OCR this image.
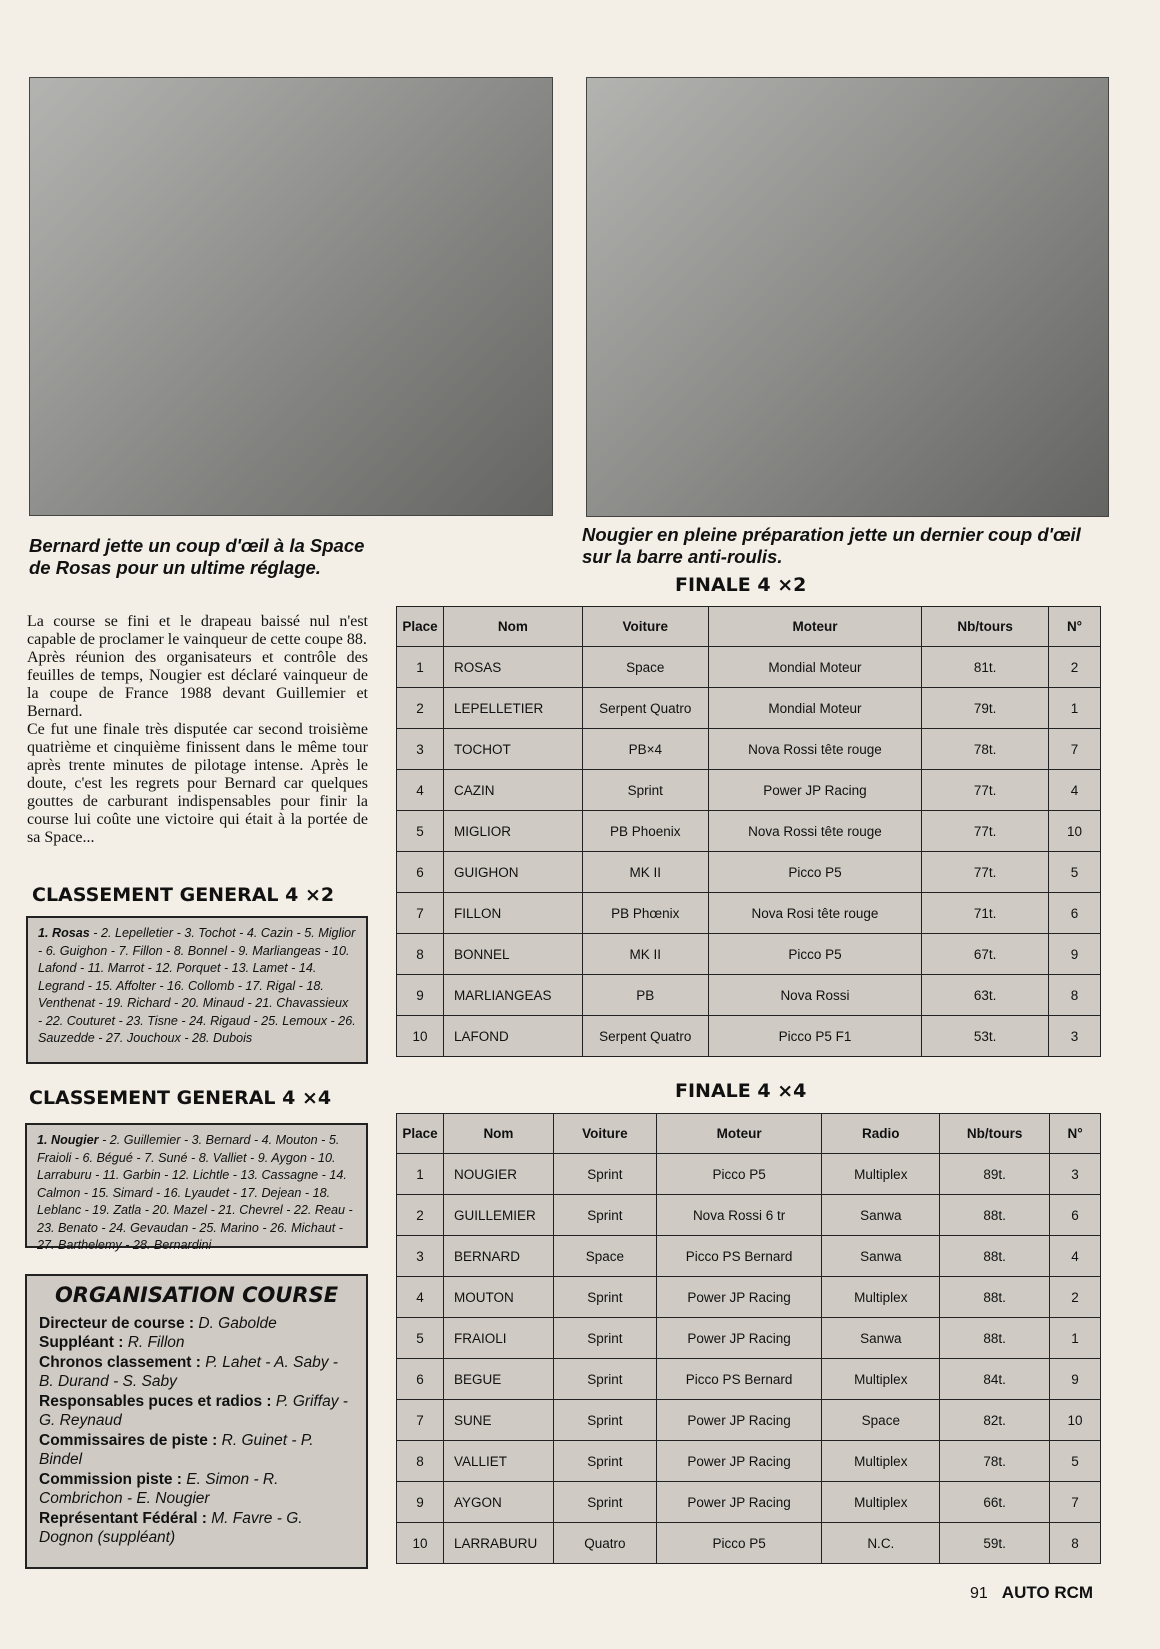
Bernard jette un coup d'œil à la Space de Rosas pour un ultime réglage.
Nougier en pleine préparation jette un dernier coup d'œil sur la barre anti-roulis.

La course se fini et le drapeau baissé nul n'est capable de proclamer le vainqueur de cette coupe 88.

Après réunion des organisateurs et contrôle des feuilles de temps, Nougier est déclaré vainqueur de la coupe de France 1988 devant Guillemier et Bernard.

Ce fut une finale très disputée car second troisième quatrième et cinquième finissent dans le même tour après trente minutes de pilotage intense. Après le doute, c'est les regrets pour Bernard car quelques gouttes de carburant indispensables pour finir la course lui coûte une victoire qui était à la portée de sa Space...

CLASSEMENT GENERAL 4 ×2
1. Rosas - 2. Lepelletier - 3. Tochot - 4. Cazin - 5. Miglior - 6. Guighon - 7. Fillon - 8. Bonnel - 9. Marliangeas - 10. Lafond - 11. Marrot - 12. Porquet - 13. Lamet - 14. Legrand - 15. Affolter - 16. Collomb - 17. Rigal - 18. Venthenat - 19. Richard - 20. Minaud - 21. Chavassieux - 22. Couturet - 23. Tisne - 24. Rigaud - 25. Lemoux - 26. Sauzedde - 27. Jouchoux - 28. Dubois
CLASSEMENT GENERAL 4 ×4
1. Nougier - 2. Guillemier - 3. Bernard - 4. Mouton - 5. Fraioli - 6. Bégué - 7. Suné - 8. Valliet - 9. Aygon - 10. Larraburu - 11. Garbin - 12. Lichtle - 13. Cassagne - 14. Calmon - 15. Simard - 16. Lyaudet - 17. Dejean - 18. Leblanc - 19. Zatla - 20. Mazel - 21. Chevrel - 22. Reau - 23. Benato - 24. Gevaudan - 25. Marino - 26. Michaut - 27. Barthelemy - 28. Bernardini
ORGANISATION COURSE

Directeur de course : D. Gabolde

Suppléant : R. Fillon

Chronos classement : P. Lahet - A. Saby - B. Durand - S. Saby

Responsables puces et radios : P. Griffay - G. Reynaud

Commissaires de piste : R. Guinet - P. Bindel

Commission piste : E. Simon - R. Combrichon - E. Nougier

Représentant Fédéral : M. Favre - G. Dognon (suppléant)

FINALE 4 ×2
Place	Nom	Voiture	Moteur	Nb/tours	N°
1	ROSAS	Space	Mondial Moteur	81t.	2
2	LEPELLETIER	Serpent Quatro	Mondial Moteur	79t.	1
3	TOCHOT	PB×4	Nova Rossi tête rouge	78t.	7
4	CAZIN	Sprint	Power JP Racing	77t.	4
5	MIGLIOR	PB Phoenix	Nova Rossi tête rouge	77t.	10
6	GUIGHON	MK II	Picco P5	77t.	5
7	FILLON	PB Phœnix	Nova Rosi tête rouge	71t.	6
8	BONNEL	MK II	Picco P5	67t.	9
9	MARLIANGEAS	PB	Nova Rossi	63t.	8
10	LAFOND	Serpent Quatro	Picco P5 F1	53t.	3
FINALE 4 ×4
Place	Nom	Voiture	Moteur	Radio	Nb/tours	N°
1	NOUGIER	Sprint	Picco P5	Multiplex	89t.	3
2	GUILLEMIER	Sprint	Nova Rossi 6 tr	Sanwa	88t.	6
3	BERNARD	Space	Picco PS Bernard	Sanwa	88t.	4
4	MOUTON	Sprint	Power JP Racing	Multiplex	88t.	2
5	FRAIOLI	Sprint	Power JP Racing	Sanwa	88t.	1
6	BEGUE	Sprint	Picco PS Bernard	Multiplex	84t.	9
7	SUNE	Sprint	Power JP Racing	Space	82t.	10
8	VALLIET	Sprint	Power JP Racing	Multiplex	78t.	5
9	AYGON	Sprint	Power JP Racing	Multiplex	66t.	7
10	LARRABURU	Quatro	Picco P5	N.C.	59t.	8
91 AUTO RCM
